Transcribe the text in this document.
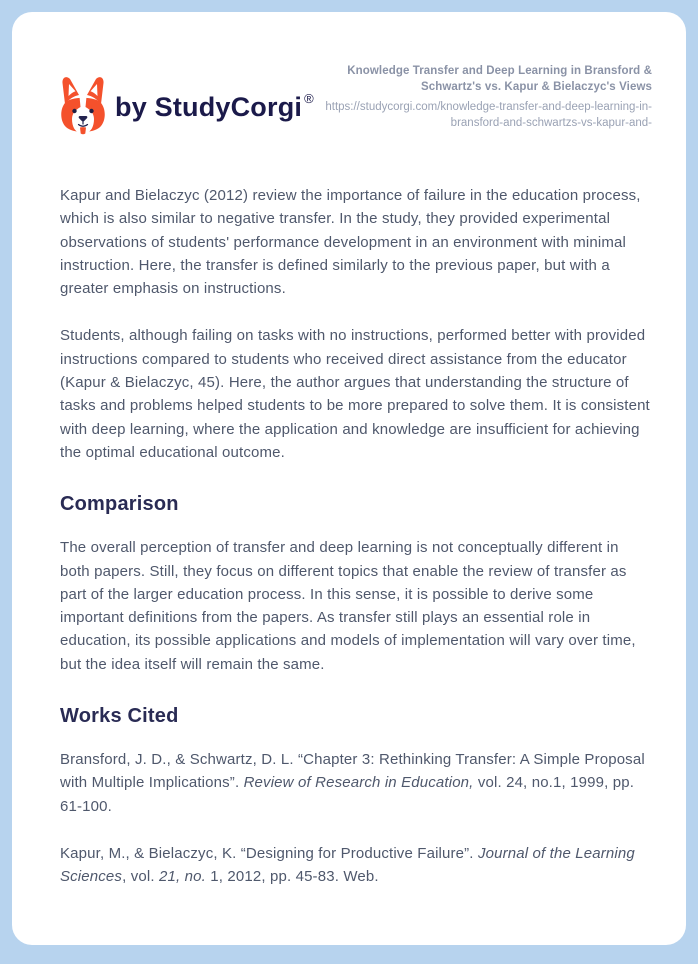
by StudyCorgi ®
Knowledge Transfer and Deep Learning in Bransford & Schwartz's vs. Kapur & Bielaczyc's Views
https://studycorgi.com/knowledge-transfer-and-deep-learning-in-bransford-and-schwartzs-vs-kapur-and-

Kapur and Bielaczyc (2012) review the importance of failure in the education process, which is also similar to negative transfer. In the study, they provided experimental observations of students' performance development in an environment with minimal instruction. Here, the transfer is defined similarly to the previous paper, but with a greater emphasis on instructions.

Students, although failing on tasks with no instructions, performed better with provided instructions compared to students who received direct assistance from the educator (Kapur & Bielaczyc, 45). Here, the author argues that understanding the structure of tasks and problems helped students to be more prepared to solve them. It is consistent with deep learning, where the application and knowledge are insufficient for achieving the optimal educational outcome.

Comparison

The overall perception of transfer and deep learning is not conceptually different in both papers. Still, they focus on different topics that enable the review of transfer as part of the larger education process. In this sense, it is possible to derive some important definitions from the papers. As transfer still plays an essential role in education, its possible applications and models of implementation will vary over time, but the idea itself will remain the same.

Works Cited

Bransford, J. D., & Schwartz, D. L. “Chapter 3: Rethinking Transfer: A Simple Proposal with Multiple Implications”. Review of Research in Education, vol. 24, no.1, 1999, pp. 61-100.

Kapur, M., & Bielaczyc, K. “Designing for Productive Failure”. Journal of the Learning Sciences, vol. 21, no. 1, 2012, pp. 45-83. Web.
